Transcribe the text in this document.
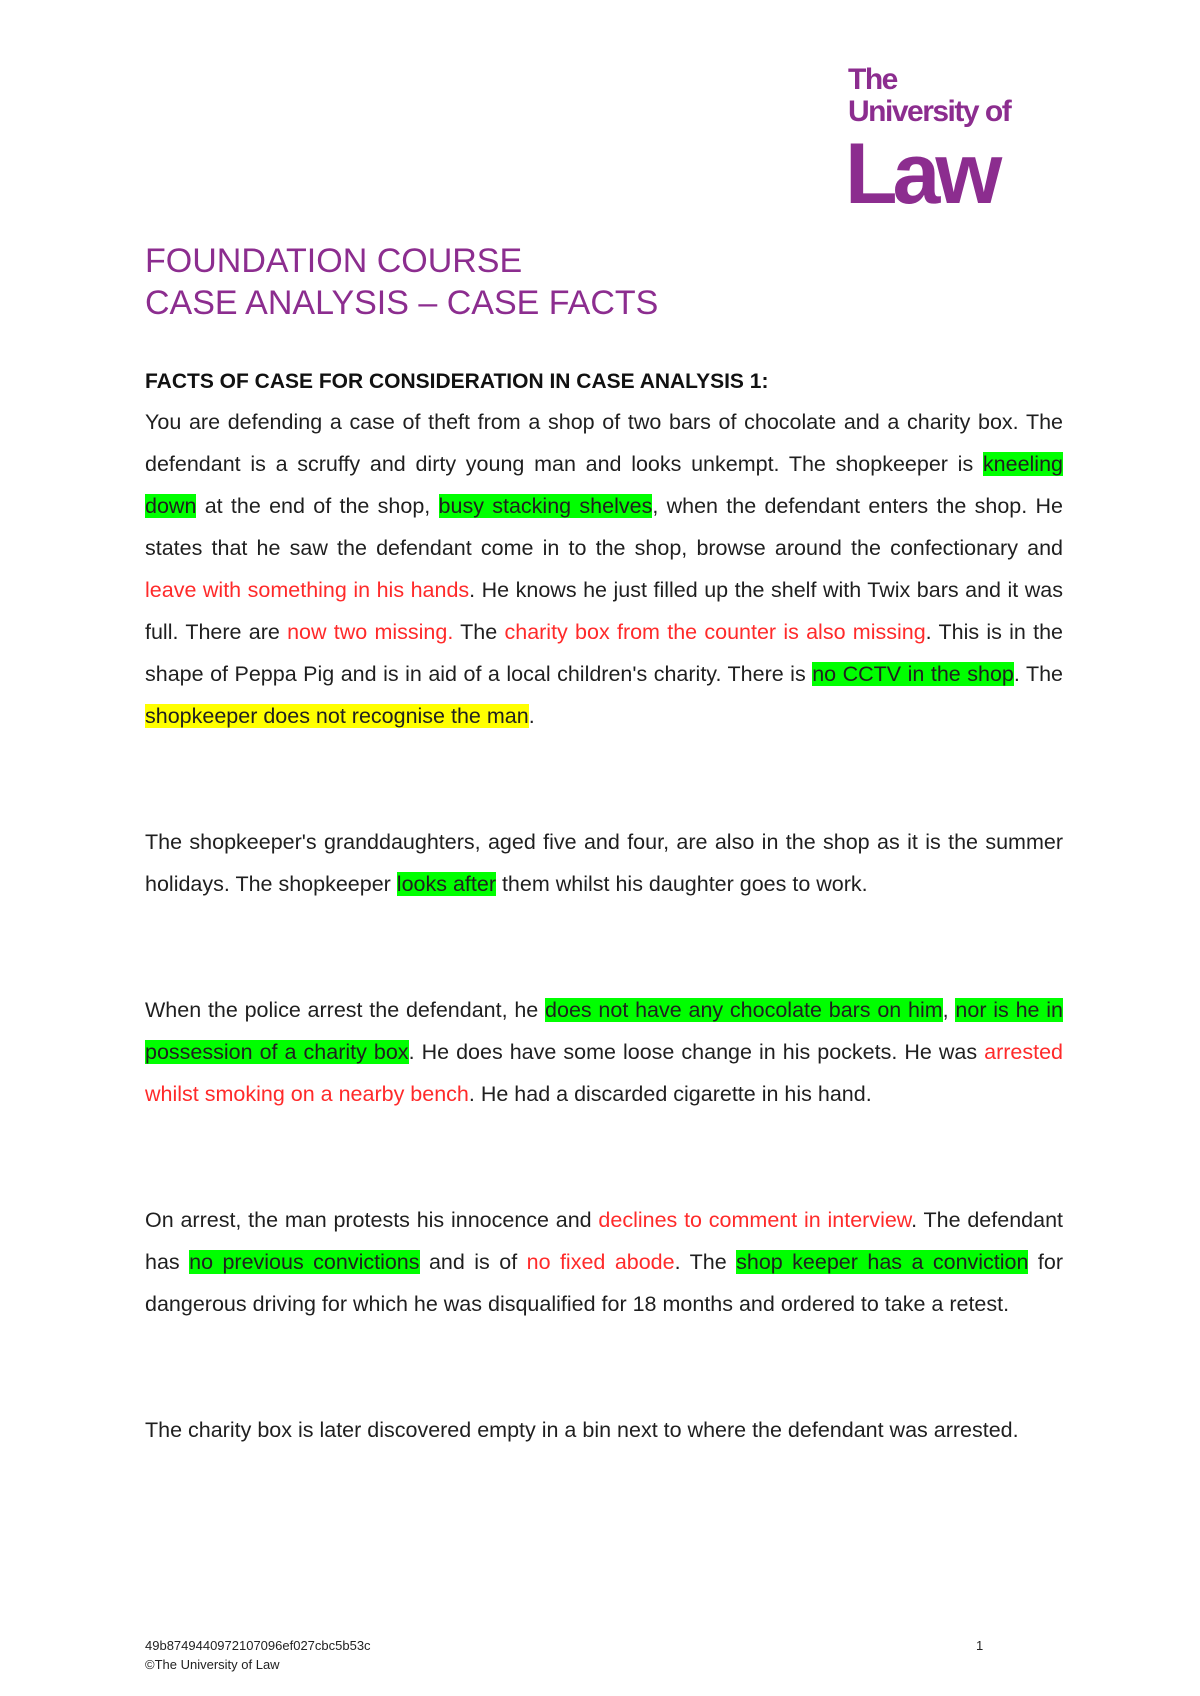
The
University of
Law
FOUNDATION COURSE
CASE ANALYSIS – CASE FACTS
FACTS OF CASE FOR CONSIDERATION IN CASE ANALYSIS 1:

You are defending a case of theft from a shop of two bars of chocolate and a charity box. The defendant is a scruffy and dirty young man and looks unkempt. The shopkeeper is kneeling down at the end of the shop, busy stacking shelves, when the defendant enters the shop. He states that he saw the defendant come in to the shop, browse around the confectionary and leave with something in his hands. He knows he just filled up the shelf with Twix bars and it was full. There are now two missing. The charity box from the counter is also missing. This is in the shape of Peppa Pig and is in aid of a local children's charity. There is no CCTV in the shop. The shopkeeper does not recognise the man.

The shopkeeper's granddaughters, aged five and four, are also in the shop as it is the summer holidays. The shopkeeper looks after them whilst his daughter goes to work.

When the police arrest the defendant, he does not have any chocolate bars on him, nor is he in possession of a charity box. He does have some loose change in his pockets. He was arrested whilst smoking on a nearby bench. He had a discarded cigarette in his hand.

On arrest, the man protests his innocence and declines to comment in interview. The defendant has no previous convictions and is of no fixed abode. The shop keeper has a conviction for dangerous driving for which he was disqualified for 18 months and ordered to take a retest.

The charity box is later discovered empty in a bin next to where the defendant was arrested.

49b8749440972107096ef027cbc5b53c
©The University of Law
1
